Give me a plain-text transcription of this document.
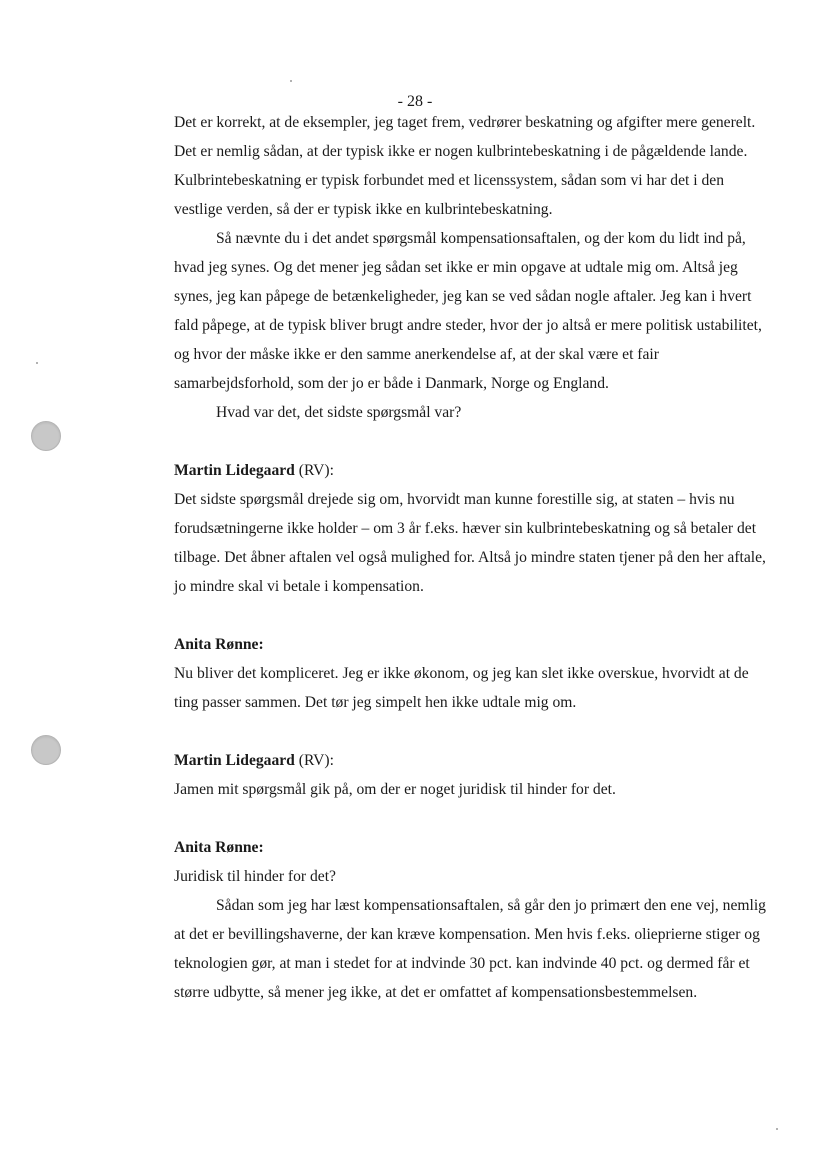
- 28 -

Det er korrekt, at de eksempler, jeg taget frem, vedrører beskatning og afgifter mere generelt. Det er nemlig sådan, at der typisk ikke er nogen kulbrintebeskatning i de pågældende lande. Kulbrintebeskatning er typisk forbundet med et licenssystem, sådan som vi har det i den vestlige verden, så der er typisk ikke en kulbrintebeskatning.

Så nævnte du i det andet spørgsmål kompensationsaftalen, og der kom du lidt ind på, hvad jeg synes. Og det mener jeg sådan set ikke er min opgave at udtale mig om. Altså jeg synes, jeg kan påpege de betænkeligheder, jeg kan se ved sådan nogle aftaler. Jeg kan i hvert fald påpege, at de typisk bliver brugt andre steder, hvor der jo altså er mere politisk ustabilitet, og hvor der måske ikke er den samme anerkendelse af, at der skal være et fair samarbejdsforhold, som der jo er både i Danmark, Norge og England.

Hvad var det, det sidste spørgsmål var?

Martin Lidegaard (RV):

Det sidste spørgsmål drejede sig om, hvorvidt man kunne forestille sig, at staten – hvis nu forudsætningerne ikke holder – om 3 år f.eks. hæver sin kulbrintebeskatning og så betaler det tilbage. Det åbner aftalen vel også mulighed for. Altså jo mindre staten tjener på den her aftale, jo mindre skal vi betale i kompensation.

Anita Rønne:

Nu bliver det kompliceret. Jeg er ikke økonom, og jeg kan slet ikke overskue, hvorvidt at de ting passer sammen. Det tør jeg simpelt hen ikke udtale mig om.

Martin Lidegaard (RV):

Jamen mit spørgsmål gik på, om der er noget juridisk til hinder for det.

Anita Rønne:

Juridisk til hinder for det?

Sådan som jeg har læst kompensationsaftalen, så går den jo primært den ene vej, nemlig at det er bevillingshaverne, der kan kræve kompensation. Men hvis f.eks. olieprierne stiger og teknologien gør, at man i stedet for at indvinde 30 pct. kan indvinde 40 pct. og dermed får et større udbytte, så mener jeg ikke, at det er omfattet af kompensationsbestemmelsen.
